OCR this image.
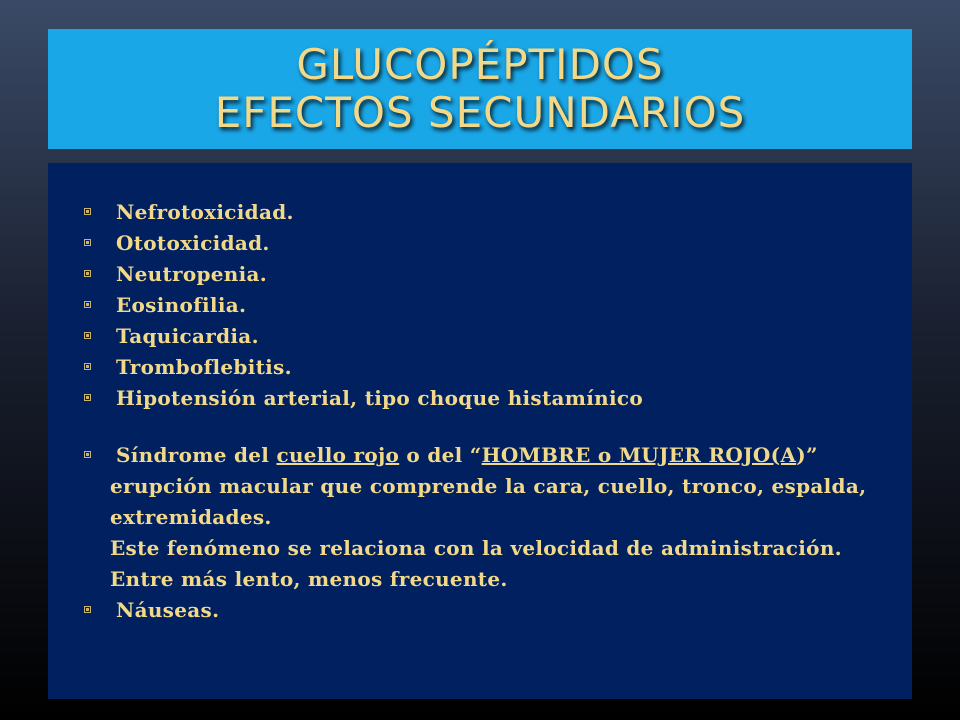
GLUCOPÉPTIDOS
EFECTOS SECUNDARIOS
Nefrotoxicidad.
Ototoxicidad.
Neutropenia.
Eosinofilia.
Taquicardia.
Tromboflebitis.
Hipotensión arterial, tipo choque histamínico
Síndrome del cuello rojo o del “HOMBRE o MUJER ROJO(A)”
erupción macular que comprende la cara, cuello, tronco, espalda,
extremidades.
Este fenómeno se relaciona con la velocidad de administración.
Entre más lento, menos frecuente.
Náuseas.
